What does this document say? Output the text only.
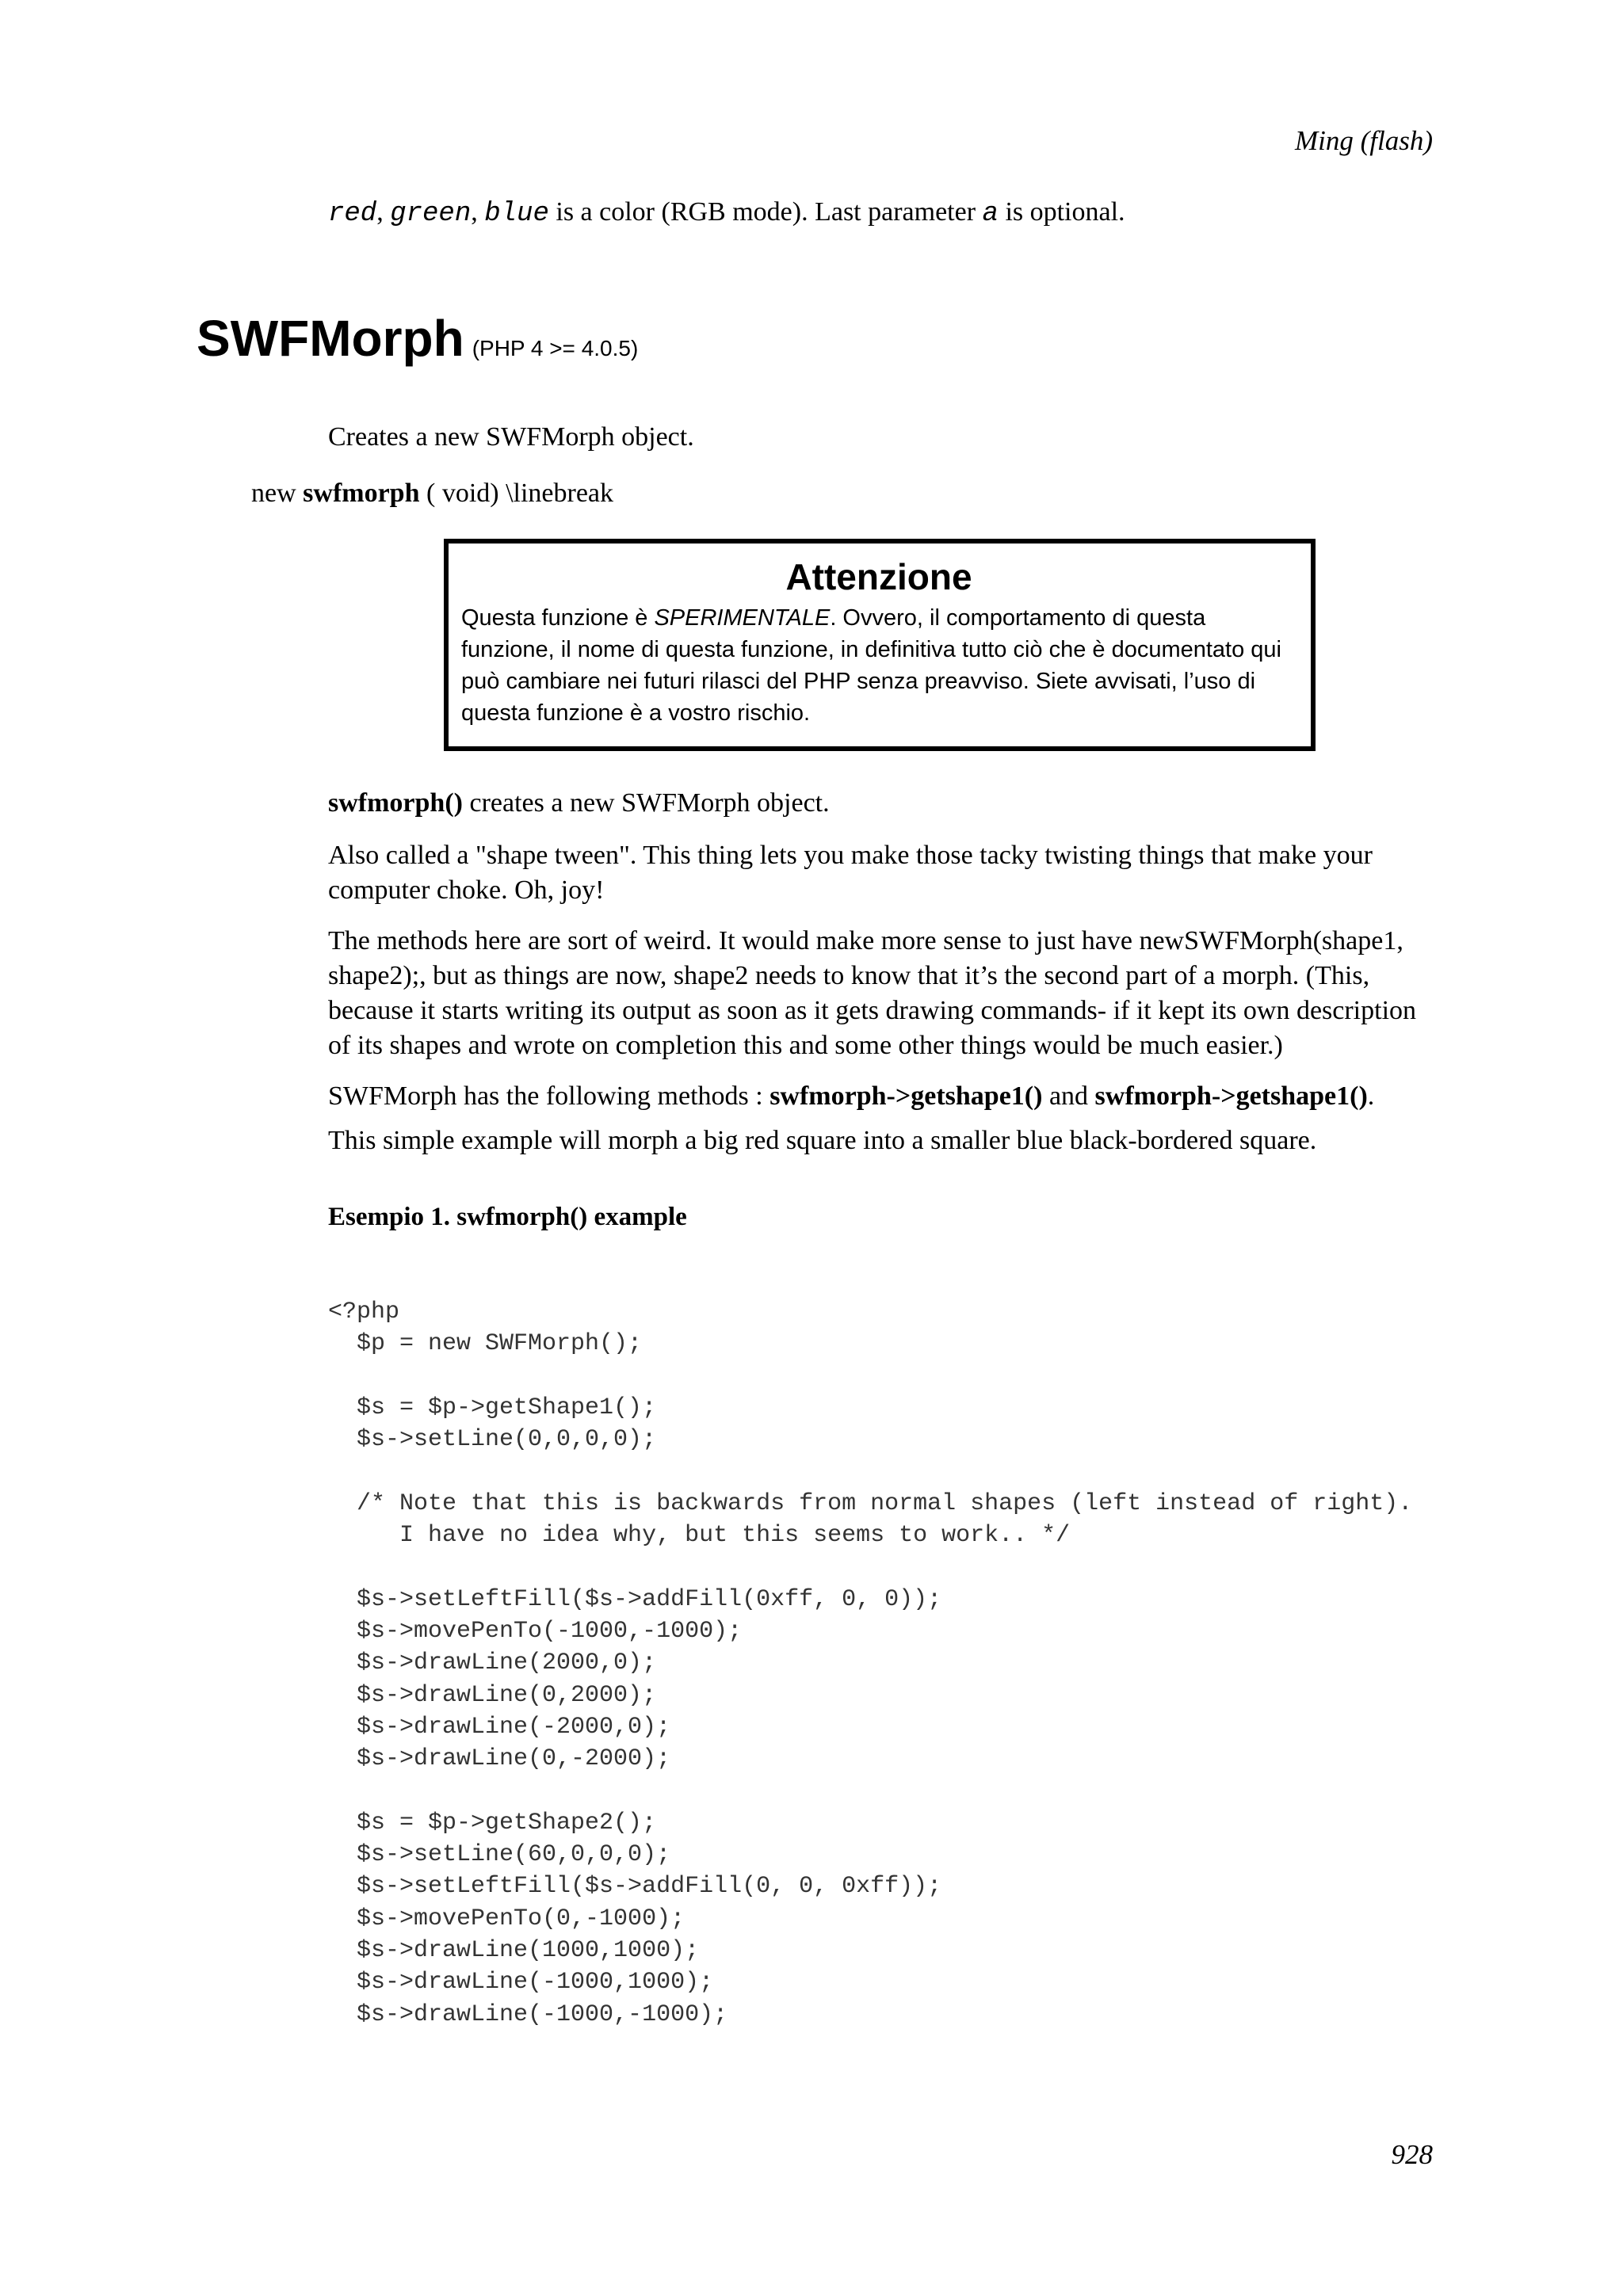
Ming (flash)
red, green, blue is a color (RGB mode). Last parameter a is optional.
SWFMorph (PHP 4 >= 4.0.5)
Creates a new SWFMorph object.
new swfmorph ( void) \linebreak
Attenzione
Questa funzione è SPERIMENTALE. Ovvero, il comportamento di questa funzione, il nome di questa funzione, in definitiva tutto ciò che è documentato qui può cambiare nei futuri rilasci del PHP senza preavviso. Siete avvisati, l’uso di questa funzione è a vostro rischio.
swfmorph() creates a new SWFMorph object.
Also called a "shape tween". This thing lets you make those tacky twisting things that make your computer choke. Oh, joy!
The methods here are sort of weird. It would make more sense to just have newSWFMorph(shape1, shape2);, but as things are now, shape2 needs to know that it’s the second part of a morph. (This, because it starts writing its output as soon as it gets drawing commands- if it kept its own description of its shapes and wrote on completion this and some other things would be much easier.)
SWFMorph has the following methods : swfmorph->getshape1() and swfmorph->getshape1().
This simple example will morph a big red square into a smaller blue black-bordered square.
Esempio 1. swfmorph() example
<?php
$p = new SWFMorph();

$s = $p->getShape1();
$s->setLine(0,0,0,0);

/* Note that this is backwards from normal shapes (left instead of right).
I have no idea why, but this seems to work.. */

$s->setLeftFill($s->addFill(0xff, 0, 0));
$s->movePenTo(-1000,-1000);
$s->drawLine(2000,0);
$s->drawLine(0,2000);
$s->drawLine(-2000,0);
$s->drawLine(0,-2000);

$s = $p->getShape2();
$s->setLine(60,0,0,0);
$s->setLeftFill($s->addFill(0, 0, 0xff));
$s->movePenTo(0,-1000);
$s->drawLine(1000,1000);
$s->drawLine(-1000,1000);
$s->drawLine(-1000,-1000);
928
